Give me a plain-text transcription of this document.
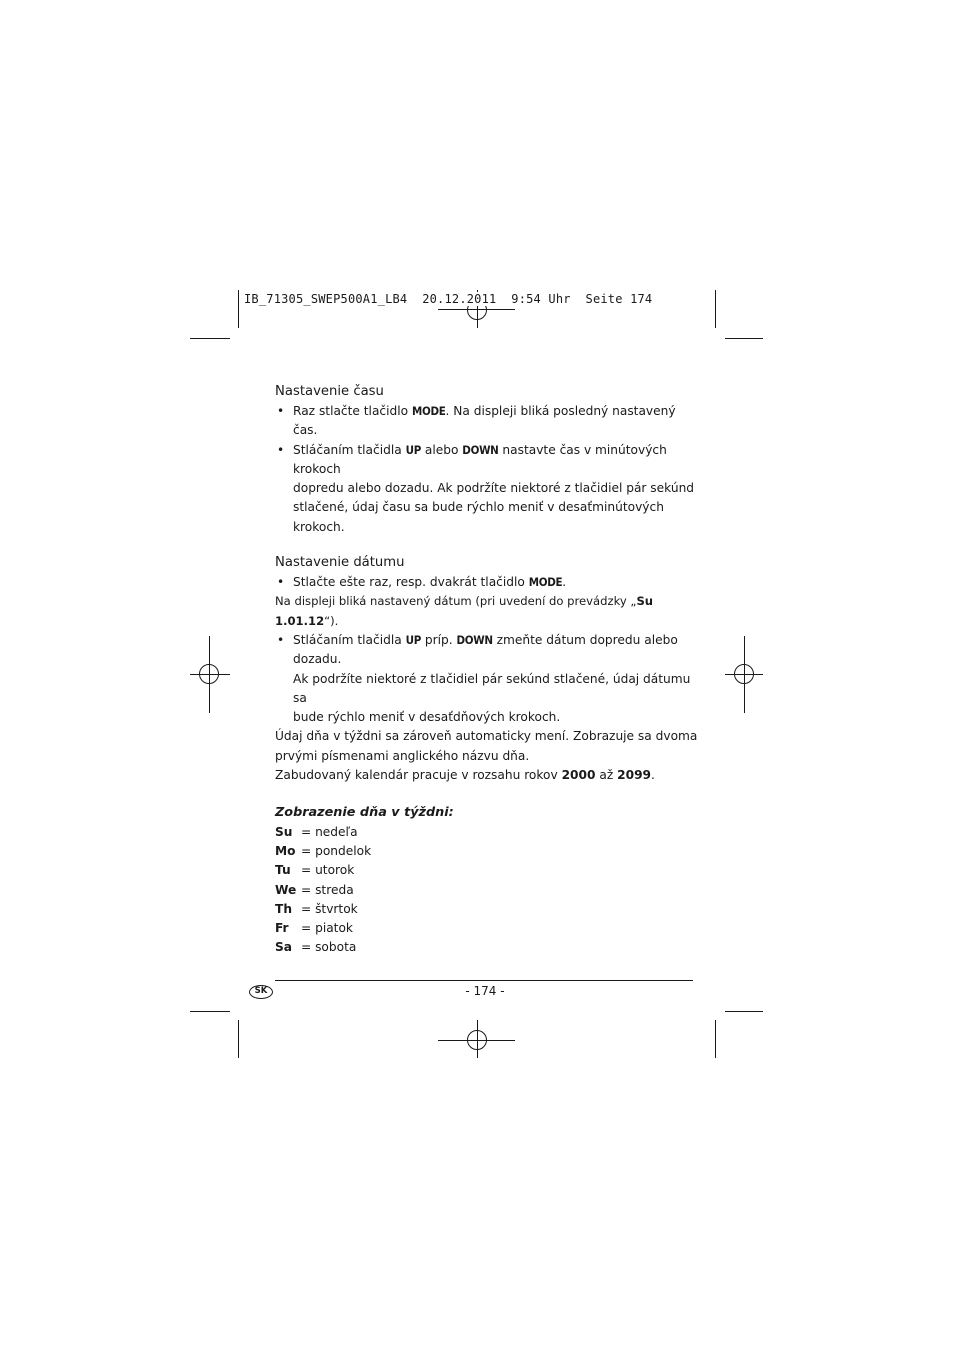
IB_71305_SWEP500A1_LB4  20.12.2011  9:54 Uhr  Seite 174

Nastavenie času

• Raz stlačte tlačidlo MODE. Na displeji bliká posledný nastavený čas.
• Stláčaním tlačidla UP alebo DOWN nastavte čas v minútových krokoch
dopredu alebo dozadu. Ak podržíte niektoré z tlačidiel pár sekúnd
stlačené, údaj času sa bude rýchlo meniť v desaťminútových krokoch.

Nastavenie dátumu

• Stlačte ešte raz, resp. dvakrát tlačidlo MODE.
Na displeji bliká nastavený dátum (pri uvedení do prevádzky „Su 1.01.12“).
• Stláčaním tlačidla UP príp. DOWN zmeňte dátum dopredu alebo dozadu.
Ak podržíte niektoré z tlačidiel pár sekúnd stlačené, údaj dátumu sa
bude rýchlo meniť v desaťdňových krokoch.
Údaj dňa v týždni sa zároveň automaticky mení. Zobrazuje sa dvoma
prvými písmenami anglického názvu dňa.
Zabudovaný kalendár pracuje v rozsahu rokov 2000 až 2099.
Zobrazenie dňa v týždni:
Su = nedeľa
Mo = pondelok
Tu = utorok
We = streda
Th = štvrtok
Fr	= piatok
Sa = sobota
SK	- 174 -
